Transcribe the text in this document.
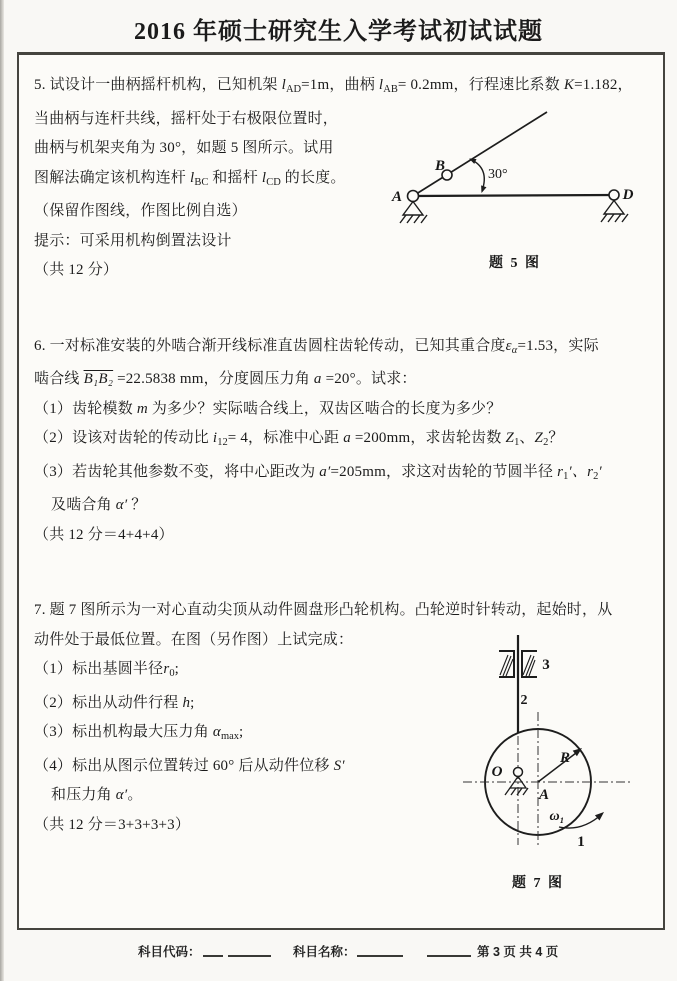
2016 年硕士研究生入学考试初试试题

5. 试设计一曲柄摇杆机构，已知机架 $l_{AD}=1m$，曲柄 $l_{AB}= 0.2mm$，行程速比系数 K=1.182，

当曲柄与连杆共线，摇杆处于右极限位置时，

曲柄与机架夹角为 30°，如题 5 图所示。试用

图解法确定该机构连杆 $l_{BC}$ 和摇杆 $l_{CD}$ 的长度。

（保留作图线，作图比例自选）

提示：可采用机构倒置法设计

（共 12 分）

6. 一对标准安装的外啮合渐开线标准直齿圆柱齿轮传动，已知其重合度$\varepsilon_\alpha=1.53$，实际

啮合线 B₁B₂ =22.5838 mm，分度圆压力角 a =20°。试求：

（1）齿轮模数 m 为多少？实际啮合线上，双齿区啮合的长度为多少？

（2）设该对齿轮的传动比 $i_{12}= 4$，标准中心距 a =200mm，求齿轮齿数 $Z_1$、$Z_2$？

（3）若齿轮其他参数不变，将中心距改为 a′=205mm，求这对齿轮的节圆半径 $r_1'$、$r_2'$

及啮合角 α′ ？

（共 12 分＝4+4+4）

7. 题 7 图所示为一对心直动尖顶从动件圆盘形凸轮机构。凸轮逆时针转动，起始时，从

动件处于最低位置。在图（另作图）上试完成：

（1）标出基圆半径$r_0$;

（2）标出从动件行程 h;

（3）标出机构最大压力角 $\alpha_{max}$;

（4）标出从图示位置转过 60° 后从动件位移 S′

和压力角 α′。

（共 12 分＝3+3+3+3）

A
B
D
30°
题 5 图
O
A
R
ω₁
1
2
3
题 7 图
科目代码：	科目名称：	第 3 页 共 4 页
